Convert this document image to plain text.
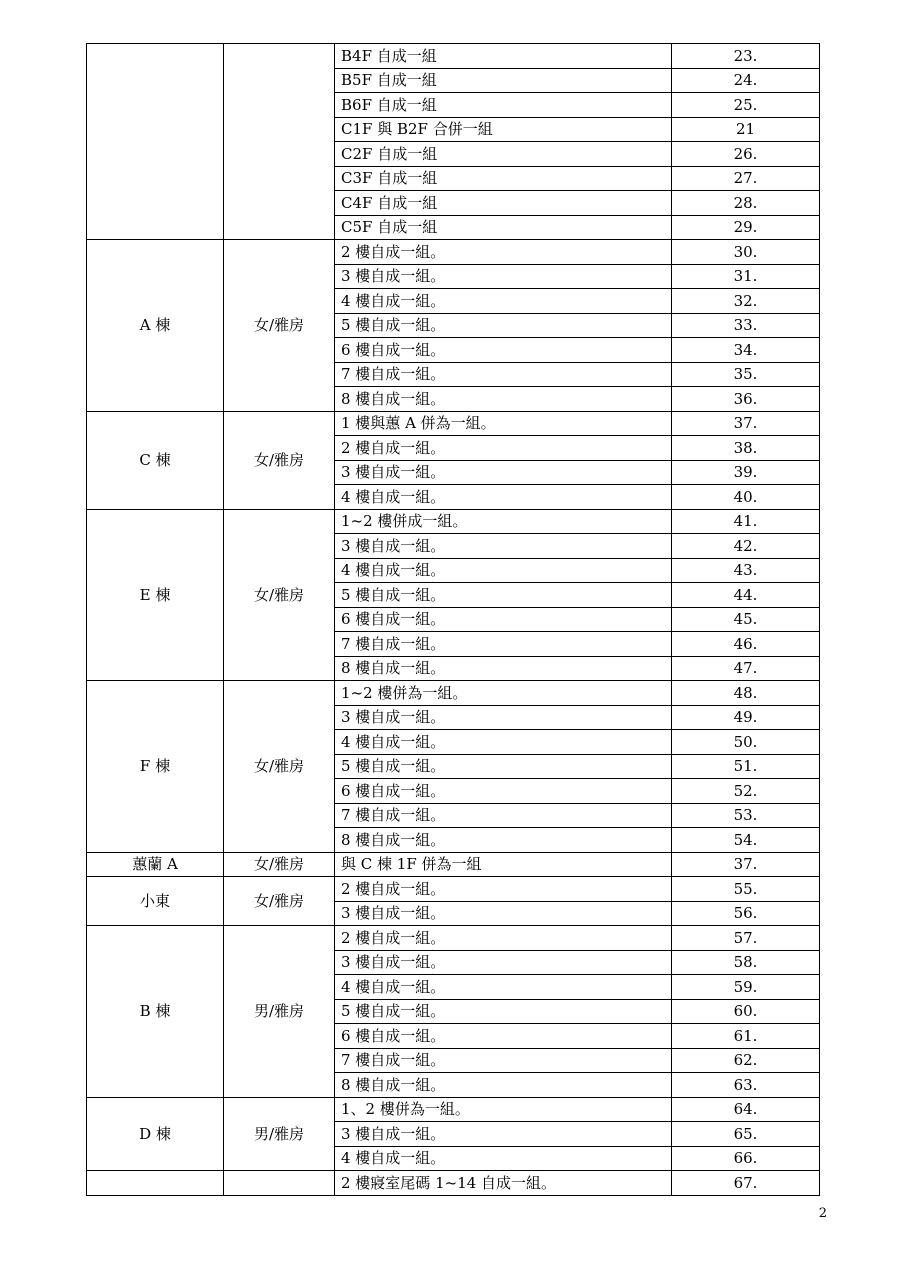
		B4F 自成一組	23.
		B5F 自成一組	24.
		B6F 自成一組	25.
		C1F 與 B2F 合併一組	21
		C2F 自成一組	26.
		C3F 自成一組	27.
		C4F 自成一組	28.
		C5F 自成一組	29.
A 棟	女/雅房	2 樓自成一組。	30.
		3 樓自成一組。	31.
		4 樓自成一組。	32.
		5 樓自成一組。	33.
		6 樓自成一組。	34.
		7 樓自成一組。	35.
		8 樓自成一組。	36.
C 棟	女/雅房	1 樓與蕙 A 併為一組。	37.
		2 樓自成一組。	38.
		3 樓自成一組。	39.
		4 樓自成一組。	40.
E 棟	女/雅房	1~2 樓併成一組。	41.
		3 樓自成一組。	42.
		4 樓自成一組。	43.
		5 樓自成一組。	44.
		6 樓自成一組。	45.
		7 樓自成一組。	46.
		8 樓自成一組。	47.
F 棟	女/雅房	1~2 樓併為一組。	48.
		3 樓自成一組。	49.
		4 樓自成一組。	50.
		5 樓自成一組。	51.
		6 樓自成一組。	52.
		7 樓自成一組。	53.
		8 樓自成一組。	54.
蕙蘭 A	女/雅房	與 C 棟 1F 併為一組	37.
小東	女/雅房	2 樓自成一組。	55.
		3 樓自成一組。	56.
B 棟	男/雅房	2 樓自成一組。	57.
		3 樓自成一組。	58.
		4 樓自成一組。	59.
		5 樓自成一組。	60.
		6 樓自成一組。	61.
		7 樓自成一組。	62.
		8 樓自成一組。	63.
D 棟	男/雅房	1、2 樓併為一組。	64.
		3 樓自成一組。	65.
		4 樓自成一組。	66.
		2 樓寢室尾碼 1~14 自成一組。	67.
2
